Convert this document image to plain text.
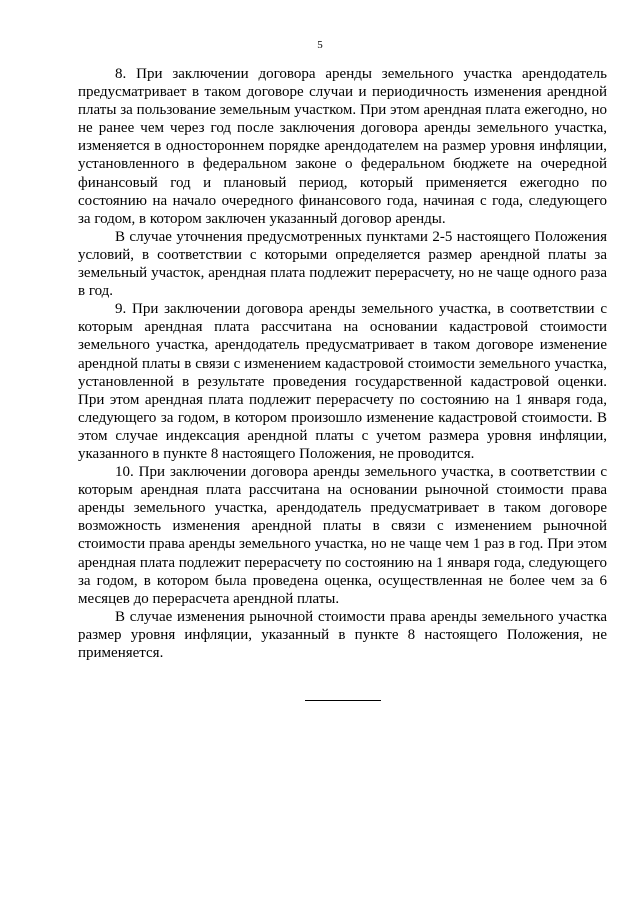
5

8. При заключении договора аренды земельного участка арендодатель предусматривает в таком договоре случаи и периодичность изменения арендной платы за пользование земельным участком. При этом арендная плата ежегодно, но не ранее чем через год после заключения договора аренды земельного участка, изменяется в одностороннем порядке арендодателем на размер уровня инфляции, установленного в федеральном законе о федеральном бюджете на очередной финансовый год и плановый период, который применяется ежегодно по состоянию на начало очередного финансового года, начиная с года, следующего за годом, в котором заключен указанный договор аренды.

В случае уточнения предусмотренных пунктами 2-5 настоящего Положения условий, в соответствии с которыми определяется размер арендной платы за земельный участок, арендная плата подлежит перерасчету, но не чаще одного раза в год.

9. При заключении договора аренды земельного участка, в соответствии с которым арендная плата рассчитана на основании кадастровой стоимости земельного участка, арендодатель предусматривает в таком договоре изменение арендной платы в связи с изменением кадастровой стоимости земельного участка, установленной в результате проведения государственной кадастровой оценки. При этом арендная плата подлежит перерасчету по состоянию на 1 января года, следующего за годом, в котором произошло изменение кадастровой стоимости. В этом случае индексация арендной платы с учетом размера уровня инфляции, указанного в пункте 8 настоящего Положения, не проводится.

10. При заключении договора аренды земельного участка, в соответствии с которым арендная плата рассчитана на основании рыночной стоимости права аренды земельного участка, арендодатель предусматривает в таком договоре возможность изменения арендной платы в связи с изменением рыночной стоимости права аренды земельного участка, но не чаще чем 1 раз в год. При этом арендная плата подлежит перерасчету по состоянию на 1 января года, следующего за годом, в котором была проведена оценка, осуществленная не более чем за 6 месяцев до перерасчета арендной платы.

В случае изменения рыночной стоимости права аренды земельного участка размер уровня инфляции, указанный в пункте 8 настоящего Положения, не применяется.
